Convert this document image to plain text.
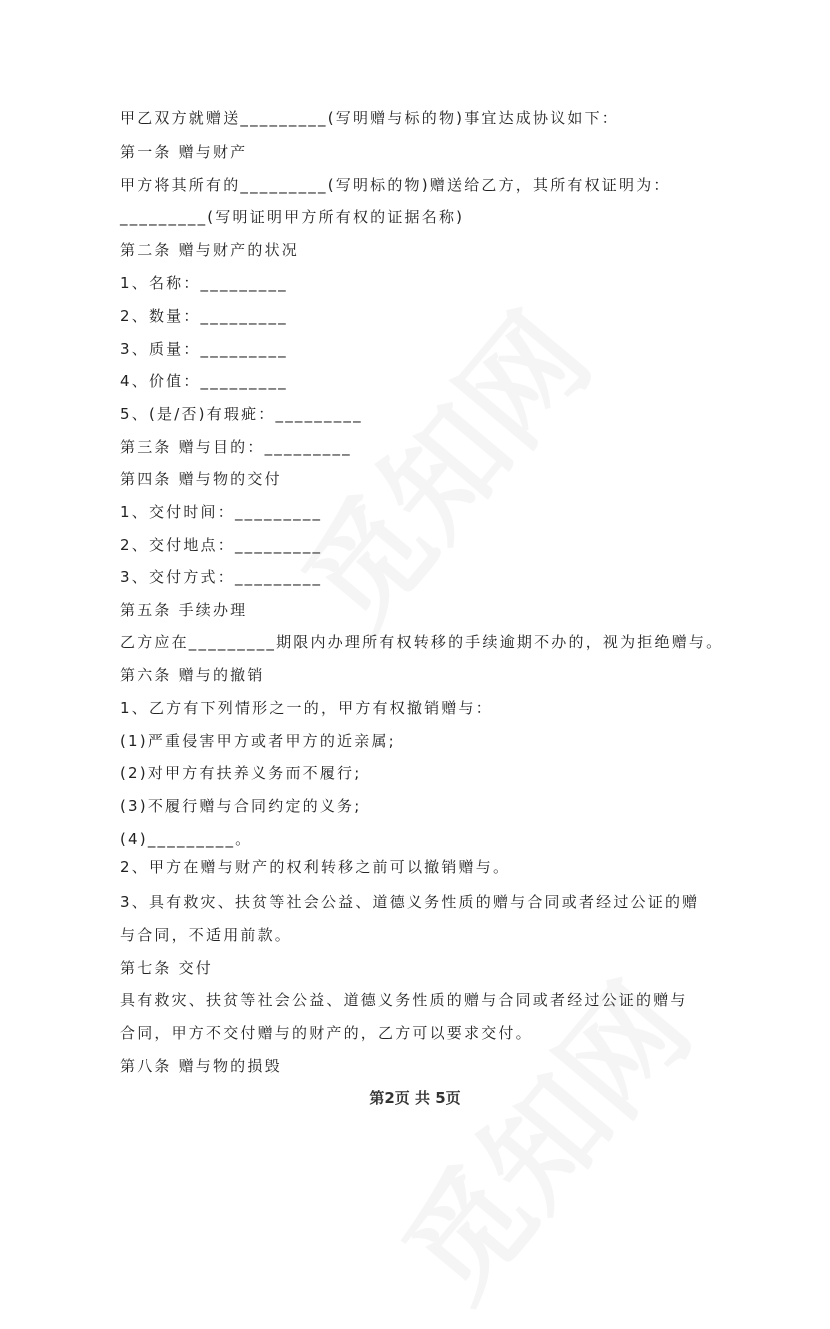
甲乙双方就赠送_________(写明赠与标的物)事宜达成协议如下：
第一条 赠与财产
甲方将其所有的_________(写明标的物)赠送给乙方，其所有权证明为：
_________(写明证明甲方所有权的证据名称)
第二条 赠与财产的状况
1、名称：_________
2、数量：_________
3、质量：_________
4、价值：_________
5、(是/否)有瑕疵：_________
第三条 赠与目的：_________
第四条 赠与物的交付
1、交付时间：_________
2、交付地点：_________
3、交付方式：_________
第五条 手续办理
乙方应在_________期限内办理所有权转移的手续逾期不办的，视为拒绝赠与。
第六条 赠与的撤销
1、乙方有下列情形之一的，甲方有权撤销赠与：
(1)严重侵害甲方或者甲方的近亲属;
(2)对甲方有扶养义务而不履行;
(3)不履行赠与合同约定的义务;
(4)_________。
2、甲方在赠与财产的权利转移之前可以撤销赠与。
3、具有救灾、扶贫等社会公益、道德义务性质的赠与合同或者经过公证的赠
与合同，不适用前款。
第七条 交付
具有救灾、扶贫等社会公益、道德义务性质的赠与合同或者经过公证的赠与
合同，甲方不交付赠与的财产的，乙方可以要求交付。
第八条 赠与物的损毁
第2页 共 5页
